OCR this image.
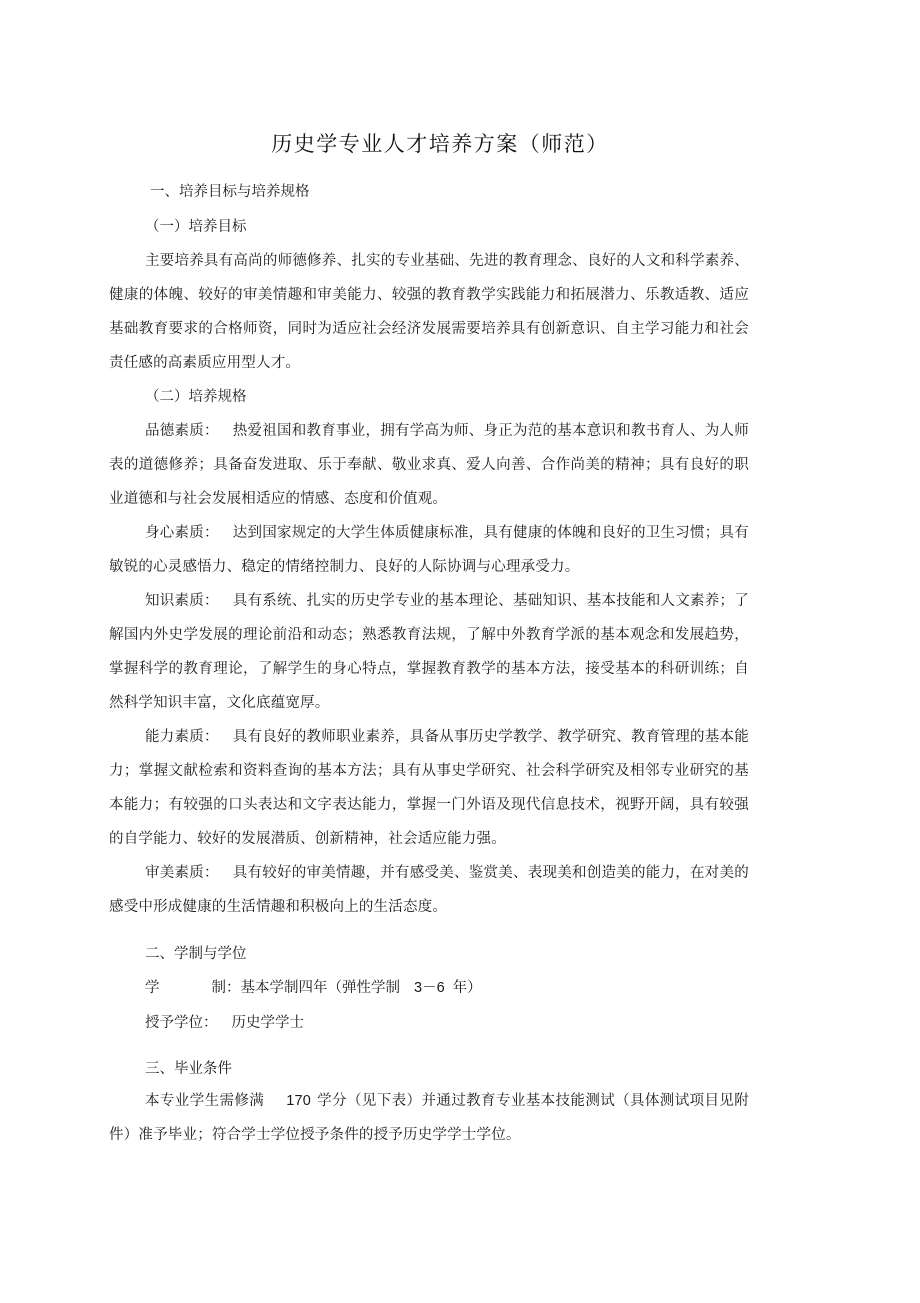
历史学专业人才培养方案（师范）
一、培养目标与培养规格
（一）培养目标
主要培养具有高尚的师德修养、扎实的专业基础、先进的教育理念、良好的人文和科学素养、健康的体魄、较好的审美情趣和审美能力、较强的教育教学实践能力和拓展潜力、乐教适教、适应基础教育要求的合格师资，同时为适应社会经济发展需要培养具有创新意识、自主学习能力和社会责任感的高素质应用型人才。
（二）培养规格
品德素质： 热爱祖国和教育事业，拥有学高为师、身正为范的基本意识和教书育人、为人师表的道德修养；具备奋发进取、乐于奉献、敬业求真、爱人向善、合作尚美的精神；具有良好的职业道德和与社会发展相适应的情感、态度和价值观。
身心素质： 达到国家规定的大学生体质健康标准，具有健康的体魄和良好的卫生习惯；具有敏锐的心灵感悟力、稳定的情绪控制力、良好的人际协调与心理承受力。
知识素质： 具有系统、扎实的历史学专业的基本理论、基础知识、基本技能和人文素养；了解国内外史学发展的理论前沿和动态；熟悉教育法规，了解中外教育学派的基本观念和发展趋势，掌握科学的教育理论，了解学生的身心特点，掌握教育教学的基本方法，接受基本的科研训练；自然科学知识丰富，文化底蕴宽厚。
能力素质： 具有良好的教师职业素养，具备从事历史学教学、教学研究、教育管理的基本能力；掌握文献检索和资料查询的基本方法；具有从事史学研究、社会科学研究及相邻专业研究的基本能力；有较强的口头表达和文字表达能力，掌握一门外语及现代信息技术，视野开阔，具有较强的自学能力、较好的发展潜质、创新精神，社会适应能力强。
审美素质： 具有较好的审美情趣，并有感受美、鉴赏美、表现美和创造美的能力，在对美的感受中形成健康的生活情趣和积极向上的生活态度。
二、学制与学位
学	制：基本学制四年（弹性学制 3－6 年）
授予学位： 历史学学士
三、毕业条件
本专业学生需修满 170 学分（见下表）并通过教育专业基本技能测试（具体测试项目见附件）准予毕业；符合学士学位授予条件的授予历史学学士学位。
